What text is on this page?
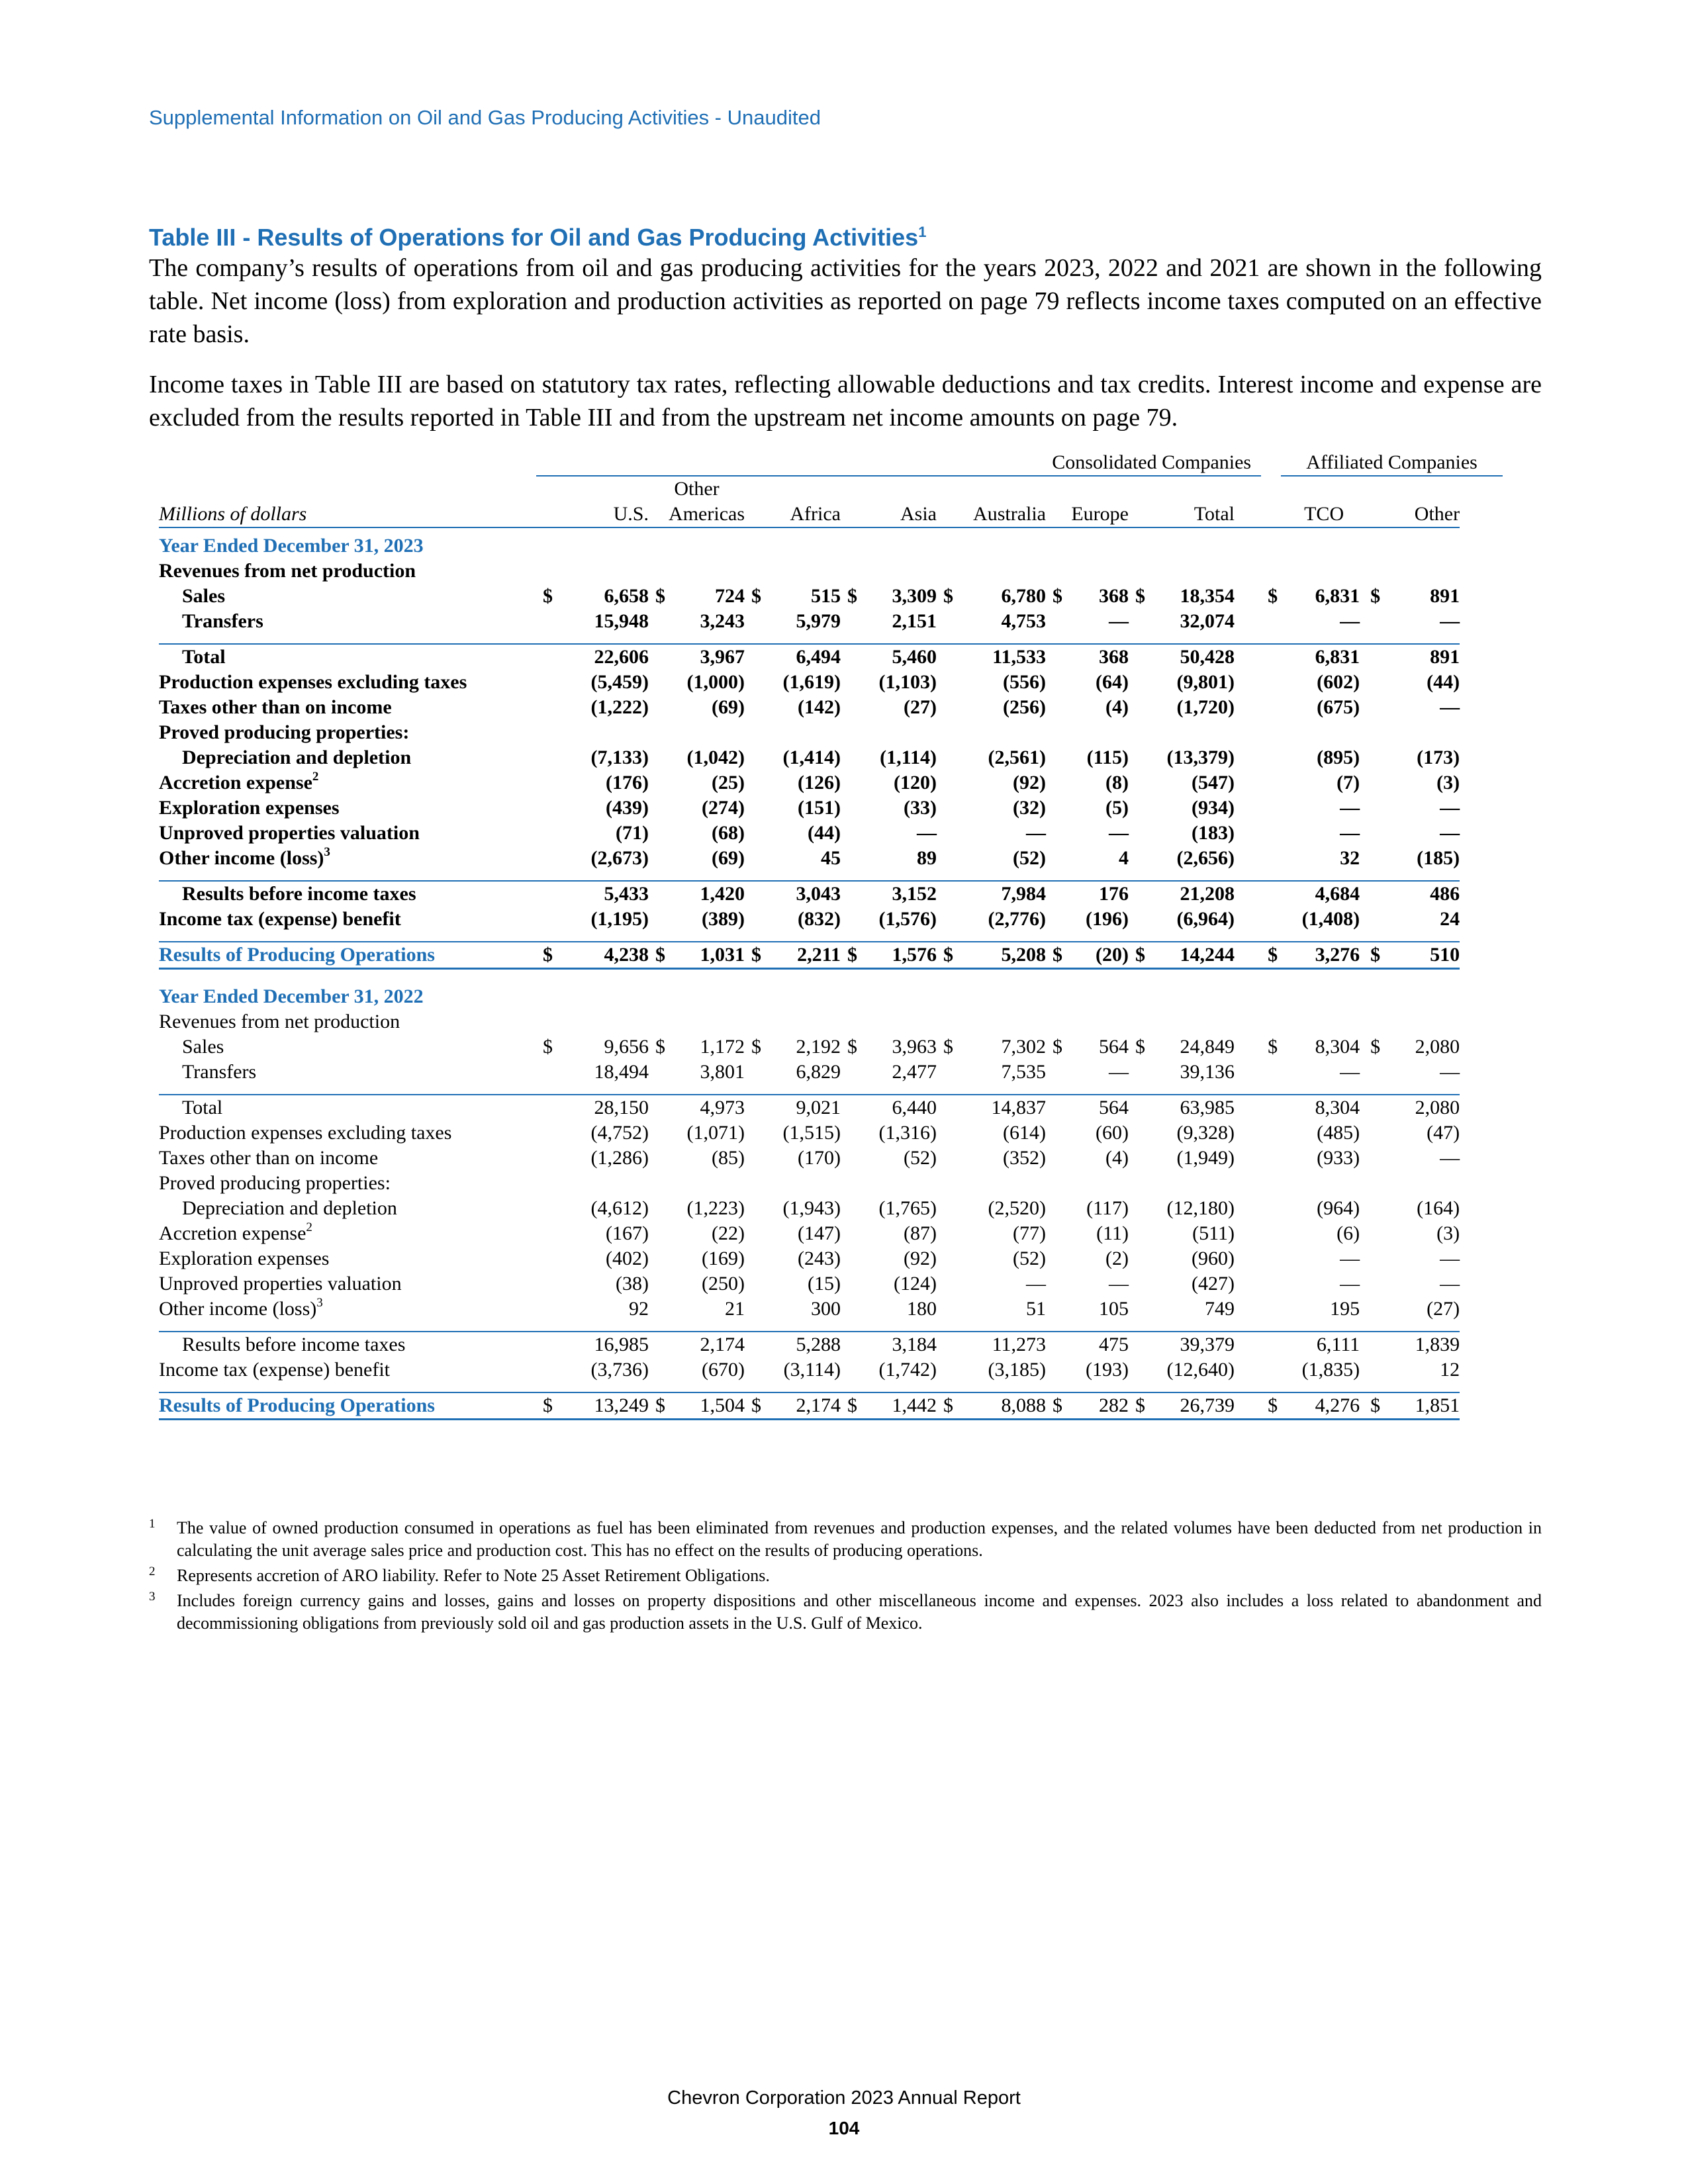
Supplemental Information on Oil and Gas Producing Activities - Unaudited
Table III - Results of Operations for Oil and Gas Producing Activities$^1$
The company’s results of operations from oil and gas producing activities for the years 2023, 2022 and 2021 are shown in the following table. Net income (loss) from exploration and production activities as reported on page 79 reflects income taxes computed on an effective rate basis.
Income taxes in Table III are based on statutory tax rates, reflecting allowable deductions and tax credits. Interest income and expense are excluded from the results reported in Table III and from the upstream net income amounts on page 79.
	Consolidated Companies																Affiliated Companies		
			Other																
Millions of dollars	U.S.		Americas		Africa		Asia		Australia		Europe		Total			TCO		Other	
Year Ended December 31, 2023																			
Revenues from net production																			
Sales	$	6,658	$	724	$	515	$	3,309	$	6,780	$	368	$	18,354		$	6,831	$	891
Transfers		15,948		3,243		5,979		2,151		4,753		—		32,074			—		—

Total		22,606		3,967		6,494		5,460		11,533		368		50,428			6,831		891
Production expenses excluding taxes		(5,459)		(1,000)		(1,619)		(1,103)		(556)		(64)		(9,801)			(602)		(44)
Taxes other than on income		(1,222)		(69)		(142)		(27)		(256)		(4)		(1,720)			(675)		—
Proved producing properties:																			
Depreciation and depletion		(7,133)		(1,042)		(1,414)		(1,114)		(2,561)		(115)		(13,379)			(895)		(173)
Accretion expense$^2$		(176)		(25)		(126)		(120)		(92)		(8)		(547)			(7)		(3)
Exploration expenses		(439)		(274)		(151)		(33)		(32)		(5)		(934)			—		—
Unproved properties valuation		(71)		(68)		(44)		—		—		—		(183)			—		—
Other income (loss)$^3$		(2,673)		(69)		45		89		(52)		4		(2,656)			32		(185)

Results before income taxes		5,433		1,420		3,043		3,152		7,984		176		21,208			4,684		486
Income tax (expense) benefit		(1,195)		(389)		(832)		(1,576)		(2,776)		(196)		(6,964)			(1,408)		24

Results of Producing Operations	$	4,238	$	1,031	$	2,211	$	1,576	$	5,208	$	(20)	$	14,244		$	3,276	$	510

Year Ended December 31, 2022																			
Revenues from net production																			
Sales	$	9,656	$	1,172	$	2,192	$	3,963	$	7,302	$	564	$	24,849		$	8,304	$	2,080
Transfers		18,494		3,801		6,829		2,477		7,535		—		39,136			—		—

Total		28,150		4,973		9,021		6,440		14,837		564		63,985			8,304		2,080
Production expenses excluding taxes		(4,752)		(1,071)		(1,515)		(1,316)		(614)		(60)		(9,328)			(485)		(47)
Taxes other than on income		(1,286)		(85)		(170)		(52)		(352)		(4)		(1,949)			(933)		—
Proved producing properties:																			
Depreciation and depletion		(4,612)		(1,223)		(1,943)		(1,765)		(2,520)		(117)		(12,180)			(964)		(164)
Accretion expense$^2$		(167)		(22)		(147)		(87)		(77)		(11)		(511)			(6)		(3)
Exploration expenses		(402)		(169)		(243)		(92)		(52)		(2)		(960)			—		—
Unproved properties valuation		(38)		(250)		(15)		(124)		—		—		(427)			—		—
Other income (loss)$^3$		92		21		300		180		51		105		749			195		(27)

Results before income taxes		16,985		2,174		5,288		3,184		11,273		475		39,379			6,111		1,839
Income tax (expense) benefit		(3,736)		(670)		(3,114)		(1,742)		(3,185)		(193)		(12,640)			(1,835)		12

Results of Producing Operations	$	13,249	$	1,504	$	2,174	$	1,442	$	8,088	$	282	$	26,739		$	4,276	$	1,851
1 The value of owned production consumed in operations as fuel has been eliminated from revenues and production expenses, and the related volumes have been deducted from net production in calculating the unit average sales price and production cost. This has no effect on the results of producing operations.
2 Represents accretion of ARO liability. Refer to Note 25 Asset Retirement Obligations.
3 Includes foreign currency gains and losses, gains and losses on property dispositions and other miscellaneous income and expenses. 2023 also includes a loss related to abandonment and decommissioning obligations from previously sold oil and gas production assets in the U.S. Gulf of Mexico.
Chevron Corporation 2023 Annual Report
104
